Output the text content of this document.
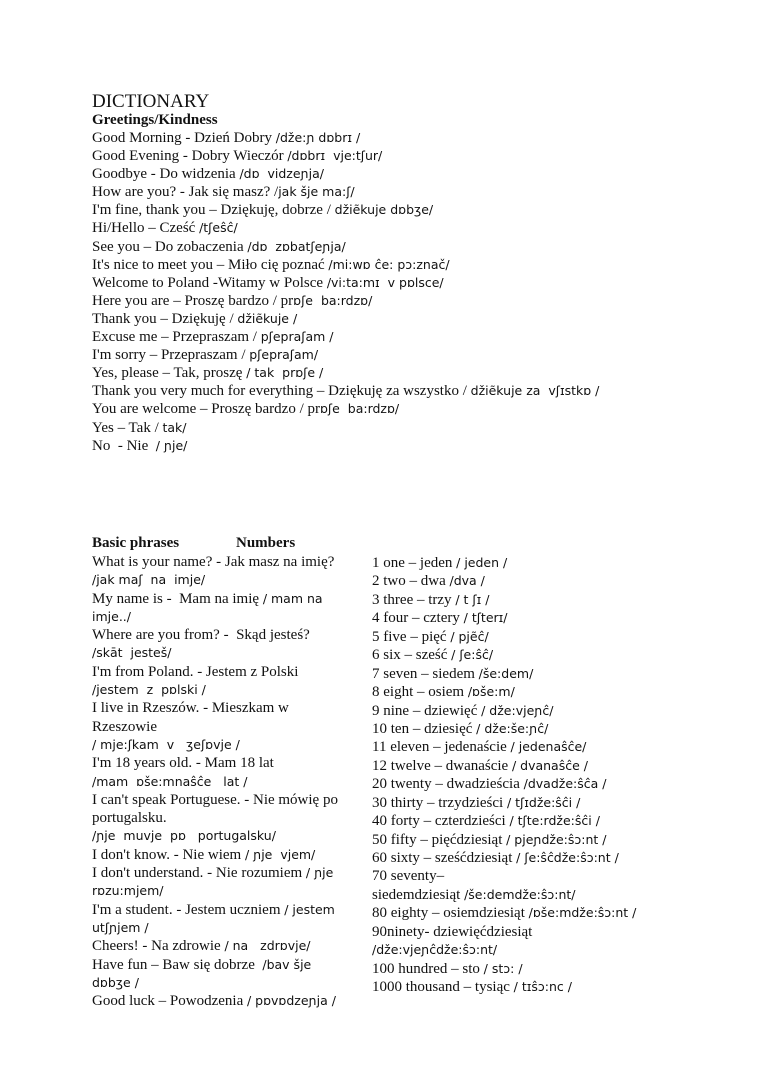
DICTIONARY
Greetings/Kindness
Good Morning - Dzień Dobry /dže:ɲ dɒbrɪ /
Good Evening - Dobry Wieczór /dɒbrɪ  vje:tʃur/
Goodbye - Do widzenia /dɒ  vidzeɲja/
How are you? - Jak się masz? /jak šje ma:ʃ/
I'm fine, thank you – Dziękuję, dobrze / džiẽkuje dɒbʒe/
Hi/Hello – Cześć /tʃeŝĉ/
See you – Do zobaczenia /dɒ  zɒbatʃeɲja/
It's nice to meet you – Miło cię poznać /mi:wɒ ĉe: pɔ:znač/
Welcome to Poland -Witamy w Polsce /vi:ta:mɪ  v pɒlsce/
Here you are – Proszę bardzo / prɒʃe  ba:rdzɒ/
Thank you – Dziękuję / džiẽkuje /
Excuse me – Przepraszam / pʃepraʃam /
I'm sorry – Przepraszam / pʃepraʃam/
Yes, please – Tak, proszę / tak  prɒʃe /
Thank you very much for everything – Dziękuję za wszystko / džiẽkuje za  vʃɪstkɒ /
You are welcome – Proszę bardzo / prɒʃe  ba:rdzɒ/
Yes – Tak / tak/
No  - Nie  / ɲje/
Basic phrases	Numbers
What is your name? - Jak masz na imię?
/jak maʃ  na  imje/
My name is -  Mam na imię / mam na
imje../
Where are you from? -  Skąd jesteś?
/skāt  jesteš/
I'm from Poland. - Jestem z Polski
/jestem  z  pɒlski /
I live in Rzeszów. - Mieszkam w
Rzeszowie
/ mje:ʃkam  v   ʒeʃɒvje /
I'm 18 years old. - Mam 18 lat
/mam  ɒše:mnaŝĉe   lat /
I can't speak Portuguese. - Nie mówię po
portugalsku.
/ɲje  muvje  pɒ   portugalsku/
I don't know. - Nie wiem / ɲje  vjem/
I don't understand. - Nie rozumiem / ɲje
rɒzu:mjem/
I'm a student. - Jestem uczniem / jestem
utʃɲjem /
Cheers! - Na zdrowie / na   zdrɒvje/
Have fun – Baw się dobrze  /bav šje
dɒbʒe /
Good luck – Powodzenia / pɒvɒdzeɲja /
1 one – jeden / jeden /
2 two – dwa /dva /
3 three – trzy / t ʃɪ /
4 four – cztery / tʃterɪ/
5 five – pięć / pjẽĉ/
6 six – sześć / ʃe:ŝĉ/
7 seven – siedem /še:dem/
8 eight – osiem /ɒše:m/
9 nine – dziewięć / dže:vjeɲĉ/
10 ten – dziesięć / dže:še:ɲĉ/
11 eleven – jedenaście / jedenaŝĉe/
12 twelve – dwanaście / dvanaŝĉe /
20 twenty – dwadzieścia /dvadže:ŝĉa /
30 thirty – trzydzieści / tʃɪdže:ŝĉi /
40 forty – czterdzieści / tʃte:rdže:ŝĉi /
50 fifty – pięćdziesiąt / pjeɲdže:ŝɔ:nt /
60 sixty – sześćdziesiąt / ʃe:ŝĉdže:ŝɔ:nt /
70 seventy–
siedemdziesiąt /še:demdže:ŝɔ:nt/
80 eighty – osiemdziesiąt /ɒše:mdže:ŝɔ:nt /
90ninety- dziewięćdziesiąt
/dže:vjeɲĉdže:ŝɔ:nt/
100 hundred – sto / stɔ: /
1000 thousand – tysiąc / tɪŝɔ:nc /
